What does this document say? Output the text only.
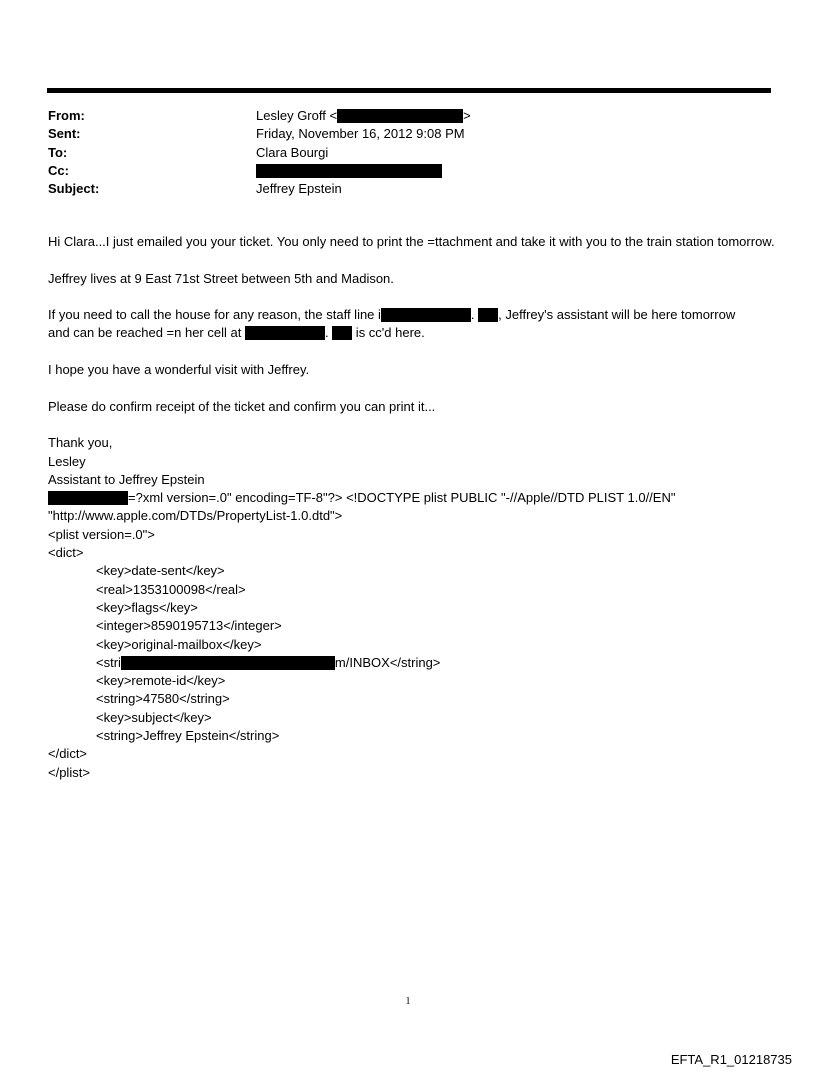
From:	Lesley Groff <	>
Sent:	Friday, November 16, 2012 9:08 PM
To:	Clara Bourgi
Cc:
Subject:	Jeffrey Epstein

Hi Clara...I just emailed you your ticket. You only need to print the =ttachment and take it with you to the train station tomorrow.

Jeffrey lives at 9 East 71st Street between 5th and Madison.

If you need to call the house for any reason, the staff line i	. , Jeffrey's assistant will be here tomorrow
and can be reached =n her cell at	.  is cc'd here.

I hope you have a wonderful visit with Jeffrey.

Please do confirm receipt of the ticket and confirm you can print it...

Thank you,

Lesley

Assistant to Jeffrey Epstein

=?xml version=.0" encoding=TF-8"?> <!DOCTYPE plist PUBLIC "-//Apple//DTD PLIST 1.0//EN"

"http://www.apple.com/DTDs/PropertyList-1.0.dtd">

<plist version=.0">

<dict>

<key>date-sent</key>

<real>1353100098</real>

<key>flags</key>

<integer>8590195713</integer>

<key>original-mailbox</key>

<stri	m/INBOX</string>

<key>remote-id</key>

<string>47580</string>

<key>subject</key>

<string>Jeffrey Epstein</string>

</dict>

</plist>

1
EFTA_R1_01218735
